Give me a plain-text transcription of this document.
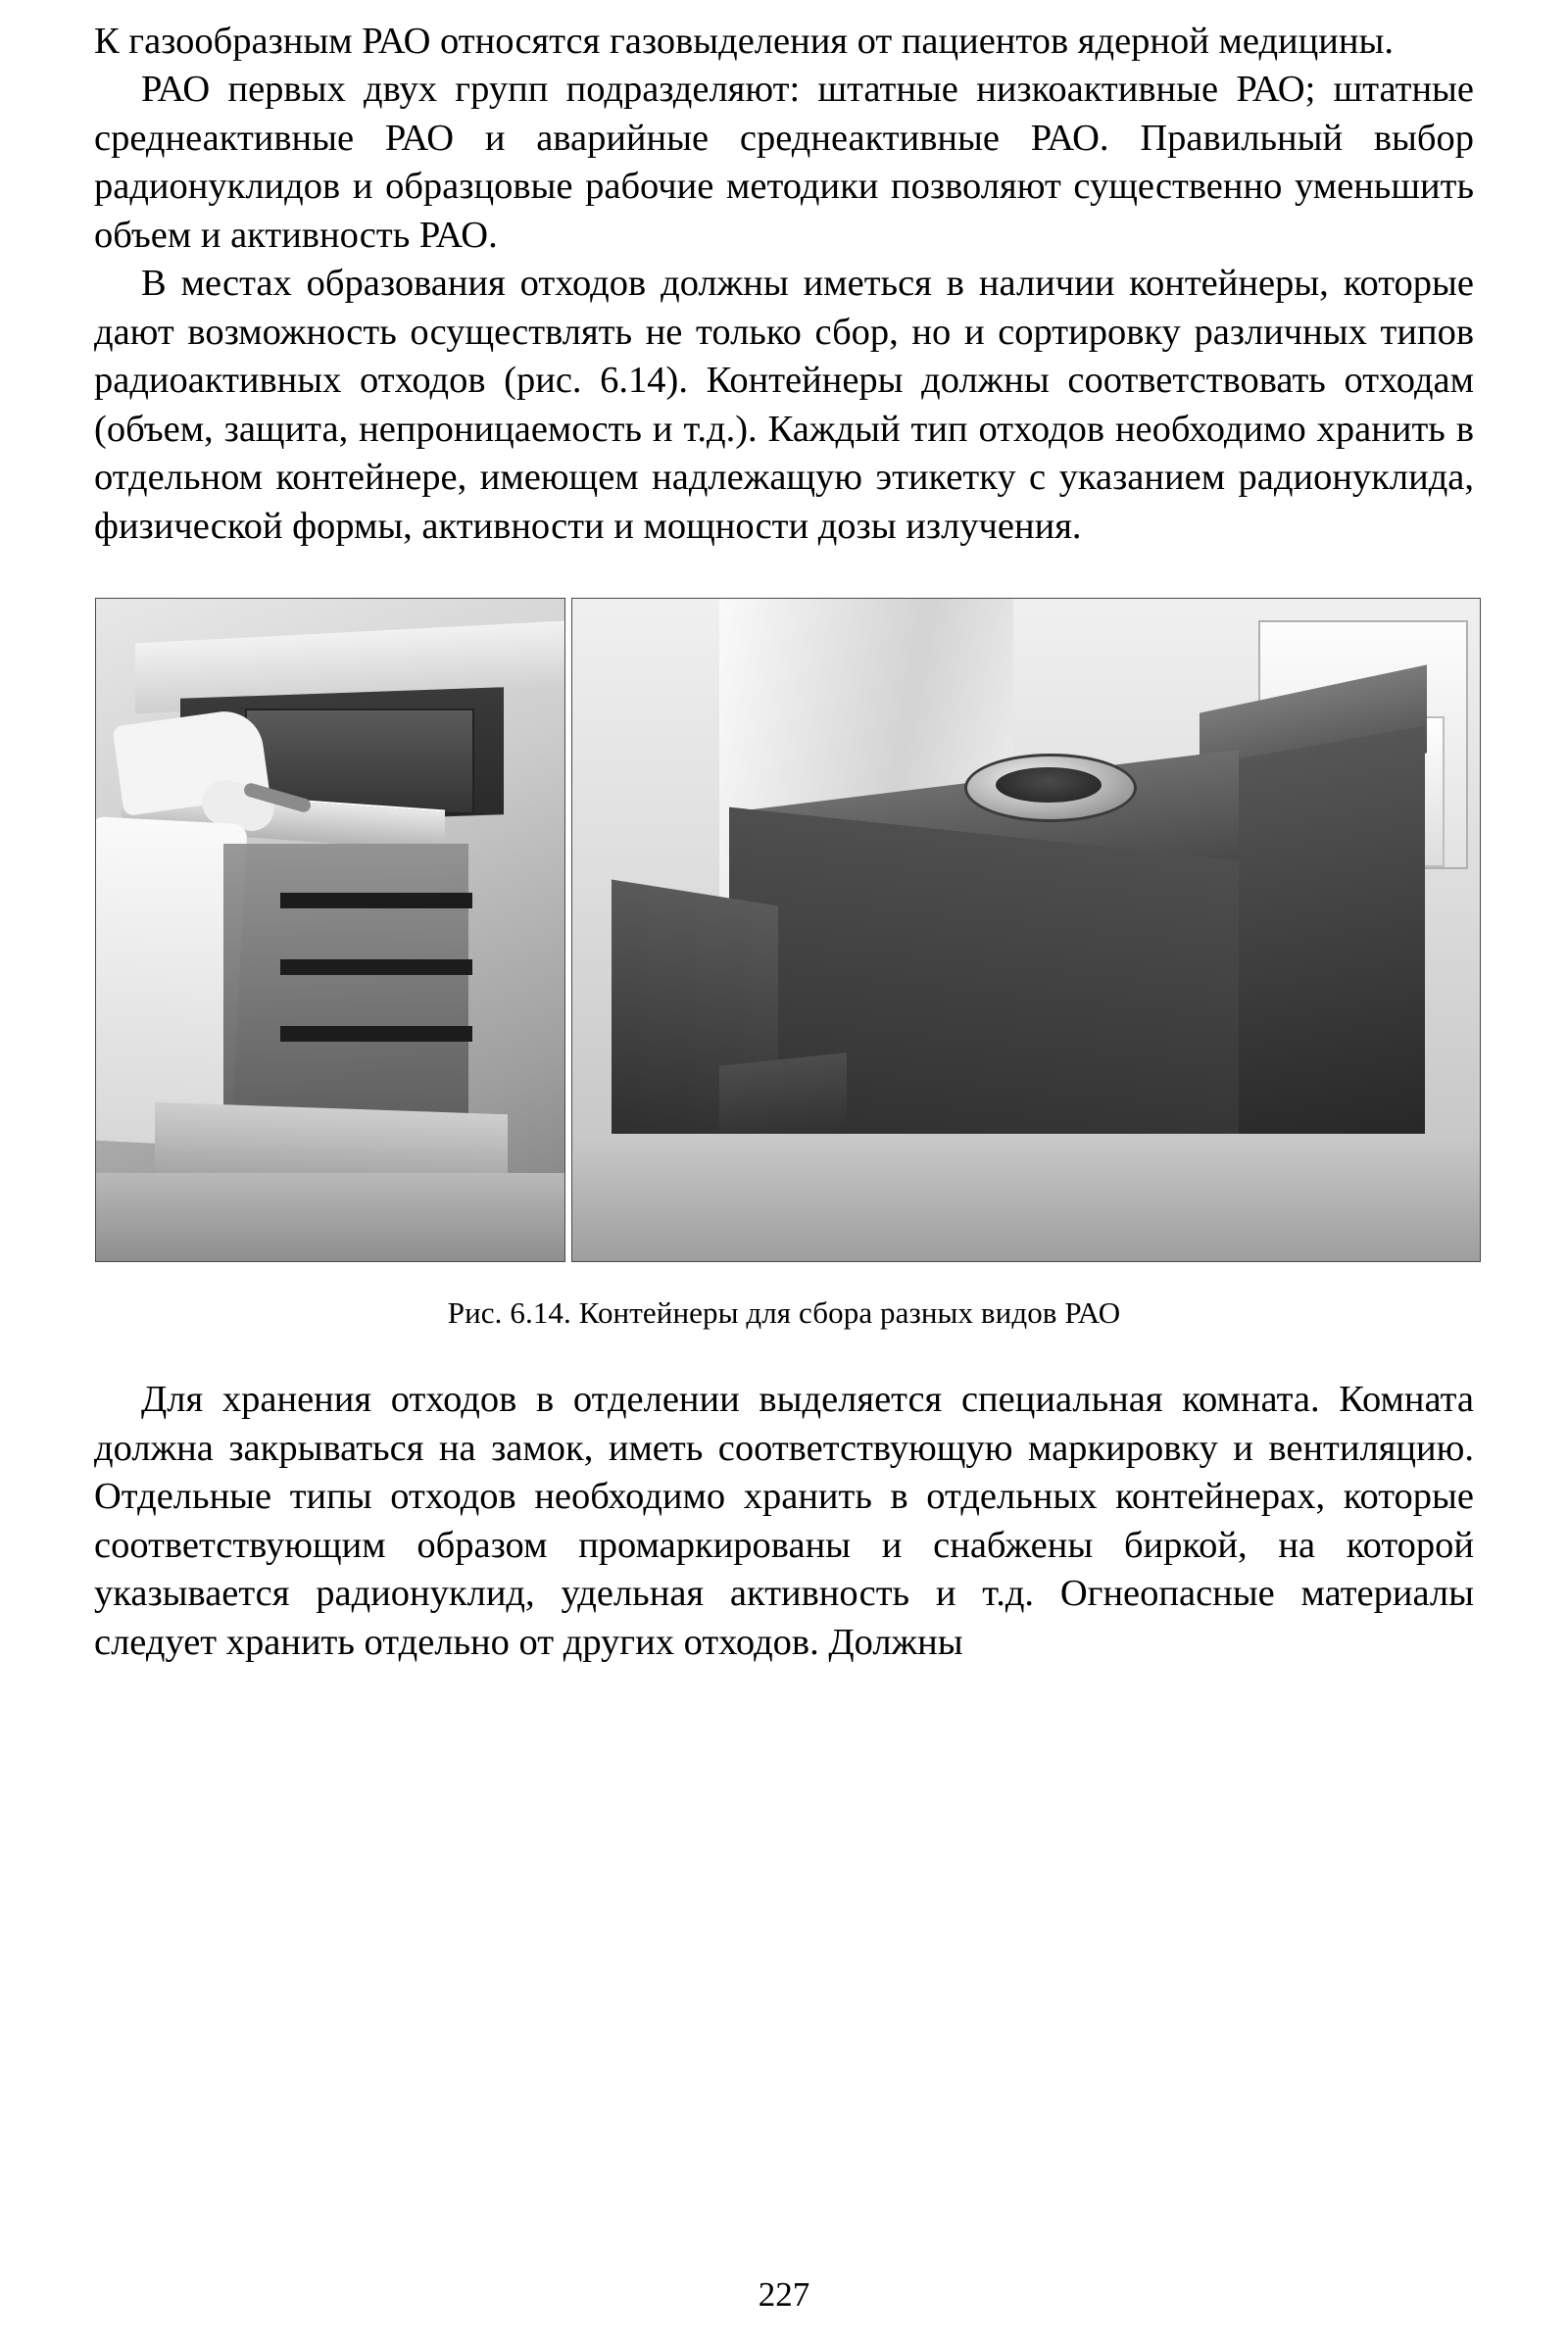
К газообразным РАО относятся газовыделения от пациентов ядерной медицины.

РАО первых двух групп подразделяют: штатные низкоактивные РАО; штатные среднеактивные РАО и аварийные среднеактивные РАО. Правильный выбор радионуклидов и образцовые рабочие методики позволяют существенно уменьшить объем и активность РАО.

В местах образования отходов должны иметься в наличии контейнеры, которые дают возможность осуществлять не только сбор, но и сортировку различных типов радиоактивных отходов (рис. 6.14). Контейнеры должны соответствовать отходам (объем, защита, непроницаемость и т.д.). Каждый тип отходов необходимо хранить в отдельном контейнере, имеющем надлежащую этикетку с указанием радионуклида, физической формы, активности и мощности дозы излучения.

Рис. 6.14. Контейнеры для сбора разных видов РАО

Для хранения отходов в отделении выделяется специальная комната. Комната должна закрываться на замок, иметь соответствующую маркировку и вентиляцию. Отдельные типы отходов необходимо хранить в отдельных контейнерах, которые соответствующим образом промаркированы и снабжены биркой, на которой указывается радионуклид, удельная активность и т.д. Огнеопасные материалы следует хранить отдельно от других отходов. Должны

227
